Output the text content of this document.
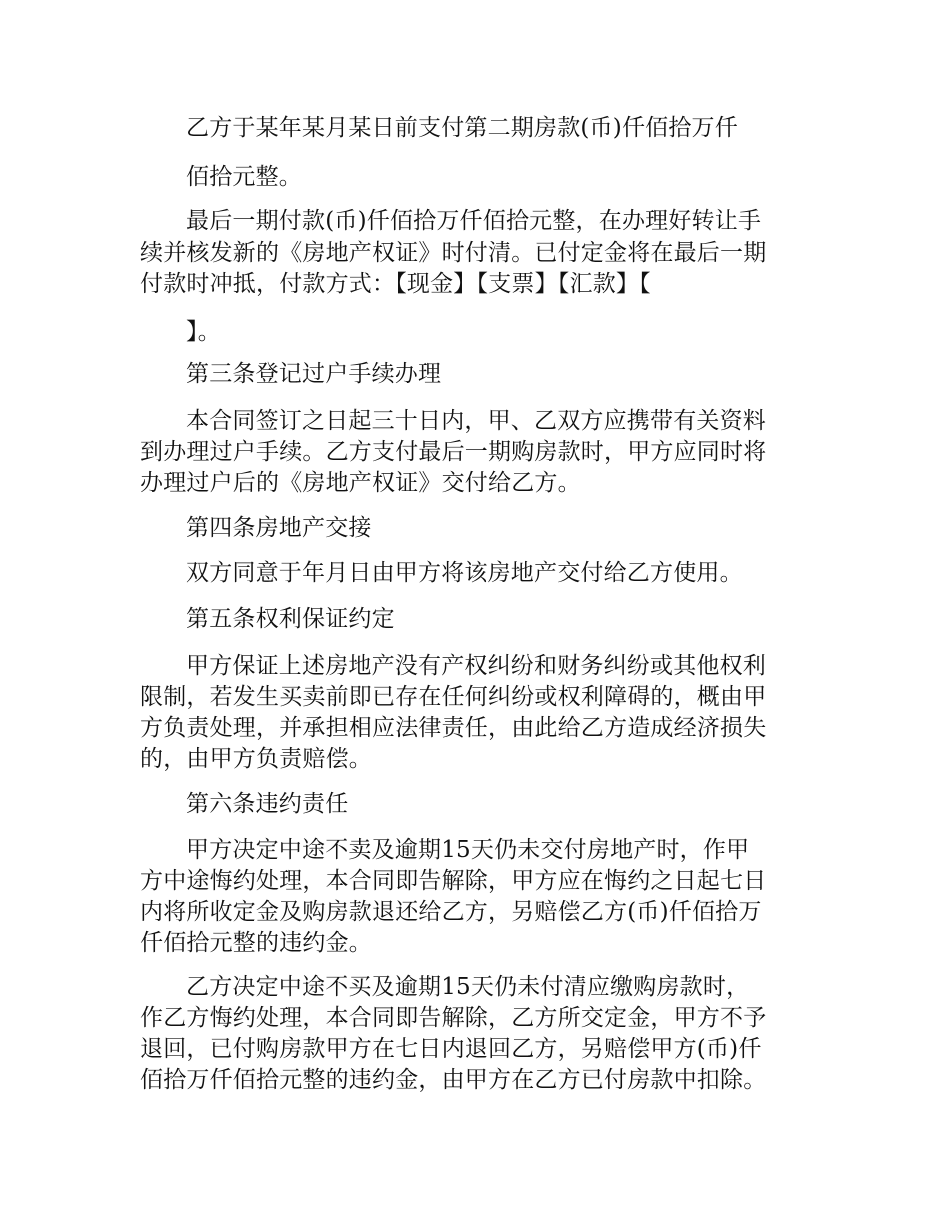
乙方于某年某月某日前支付第二期房款(币)仟佰拾万仟
佰拾元整。
最后一期付款(币)仟佰拾万仟佰拾元整，在办理好转让手
续并核发新的《房地产权证》时付清。已付定金将在最后一期
付款时冲抵，付款方式：【现金】【支票】【汇款】【
】。
第三条登记过户手续办理
本合同签订之日起三十日内，甲、乙双方应携带有关资料
到办理过户手续。乙方支付最后一期购房款时，甲方应同时将
办理过户后的《房地产权证》交付给乙方。
第四条房地产交接
双方同意于年月日由甲方将该房地产交付给乙方使用。
第五条权利保证约定
甲方保证上述房地产没有产权纠纷和财务纠纷或其他权利
限制，若发生买卖前即已存在任何纠纷或权利障碍的，概由甲
方负责处理，并承担相应法律责任，由此给乙方造成经济损失
的，由甲方负责赔偿。
第六条违约责任
甲方决定中途不卖及逾期15天仍未交付房地产时，作甲
方中途悔约处理，本合同即告解除，甲方应在悔约之日起七日
内将所收定金及购房款退还给乙方，另赔偿乙方(币)仟佰拾万
仟佰拾元整的违约金。
乙方决定中途不买及逾期15天仍未付清应缴购房款时，
作乙方悔约处理，本合同即告解除，乙方所交定金，甲方不予
退回，已付购房款甲方在七日内退回乙方，另赔偿甲方(币)仟
佰拾万仟佰拾元整的违约金，由甲方在乙方已付房款中扣除。
